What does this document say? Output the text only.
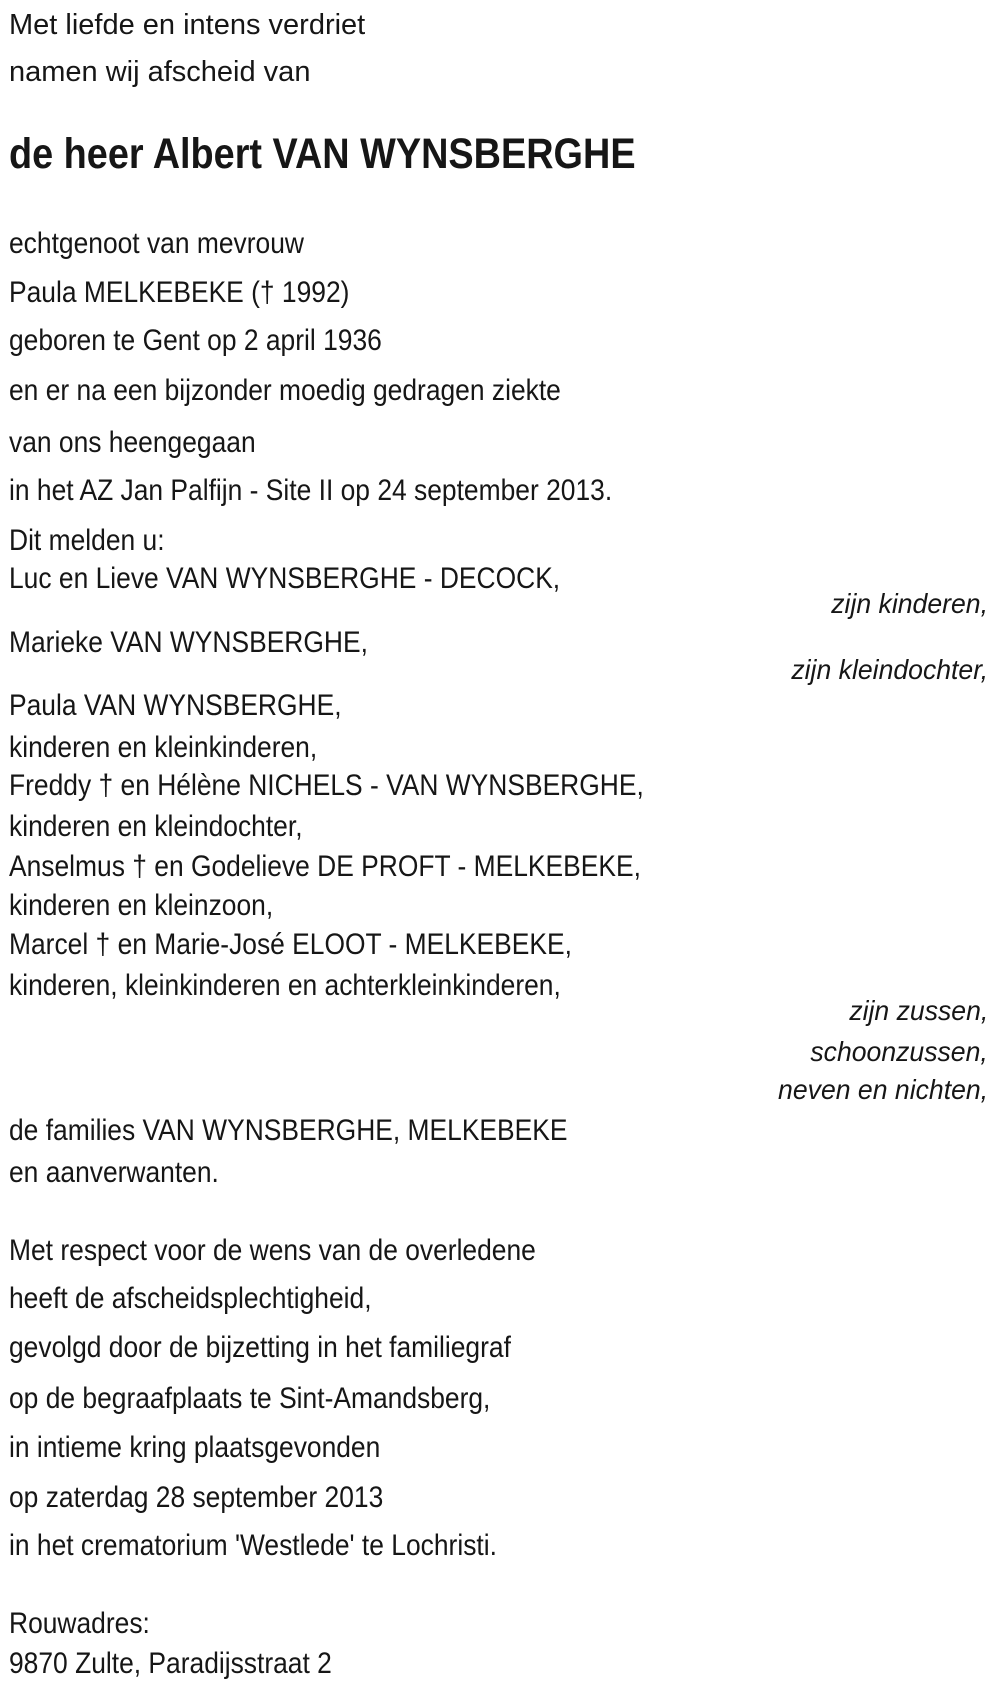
Met liefde en intens verdriet
namen wij afscheid van
de heer Albert VAN WYNSBERGHE
echtgenoot van mevrouw
Paula MELKEBEKE († 1992)
geboren te Gent op 2 april 1936
en er na een bijzonder moedig gedragen ziekte
van ons heengegaan
in het AZ Jan Palfijn - Site II op 24 september 2013.
Dit melden u:
Luc en Lieve VAN WYNSBERGHE - DECOCK,
zijn kinderen,
Marieke VAN WYNSBERGHE,
zijn kleindochter,
Paula VAN WYNSBERGHE,
kinderen en kleinkinderen,
Freddy † en Hélène NICHELS - VAN WYNSBERGHE,
kinderen en kleindochter,
Anselmus † en Godelieve DE PROFT - MELKEBEKE,
kinderen en kleinzoon,
Marcel † en Marie-José ELOOT - MELKEBEKE,
kinderen, kleinkinderen en achterkleinkinderen,
zijn zussen,
schoonzussen,
neven en nichten,
de families VAN WYNSBERGHE, MELKEBEKE
en aanverwanten.
Met respect voor de wens van de overledene
heeft de afscheidsplechtigheid,
gevolgd door de bijzetting in het familiegraf
op de begraafplaats te Sint-Amandsberg,
in intieme kring plaatsgevonden
op zaterdag 28 september 2013
in het crematorium 'Westlede' te Lochristi.
Rouwadres:
9870 Zulte, Paradijsstraat 2
